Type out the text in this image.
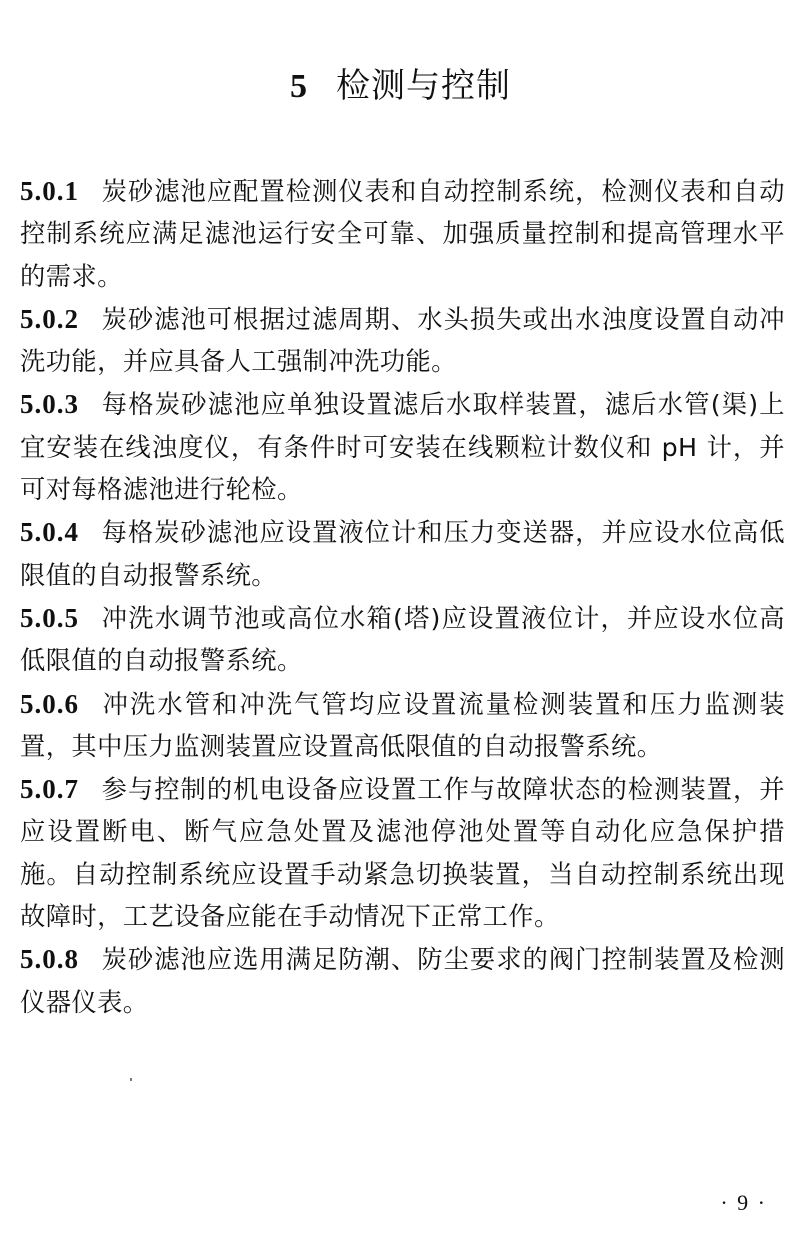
5 检测与控制

5.0.1 炭砂滤池应配置检测仪表和自动控制系统，检测仪表和自动控制系统应满足滤池运行安全可靠、加强质量控制和提高管理水平的需求。

5.0.2 炭砂滤池可根据过滤周期、水头损失或出水浊度设置自动冲洗功能，并应具备人工强制冲洗功能。

5.0.3 每格炭砂滤池应单独设置滤后水取样装置，滤后水管(渠)上宜安装在线浊度仪，有条件时可安装在线颗粒计数仪和 pH 计，并可对每格滤池进行轮检。

5.0.4 每格炭砂滤池应设置液位计和压力变送器，并应设水位高低限值的自动报警系统。

5.0.5 冲洗水调节池或高位水箱(塔)应设置液位计，并应设水位高低限值的自动报警系统。

5.0.6 冲洗水管和冲洗气管均应设置流量检测装置和压力监测装置，其中压力监测装置应设置高低限值的自动报警系统。

5.0.7 参与控制的机电设备应设置工作与故障状态的检测装置，并应设置断电、断气应急处置及滤池停池处置等自动化应急保护措施。自动控制系统应设置手动紧急切换装置，当自动控制系统出现故障时，工艺设备应能在手动情况下正常工作。

5.0.8 炭砂滤池应选用满足防潮、防尘要求的阀门控制装置及检测仪器仪表。

· 9 ·
